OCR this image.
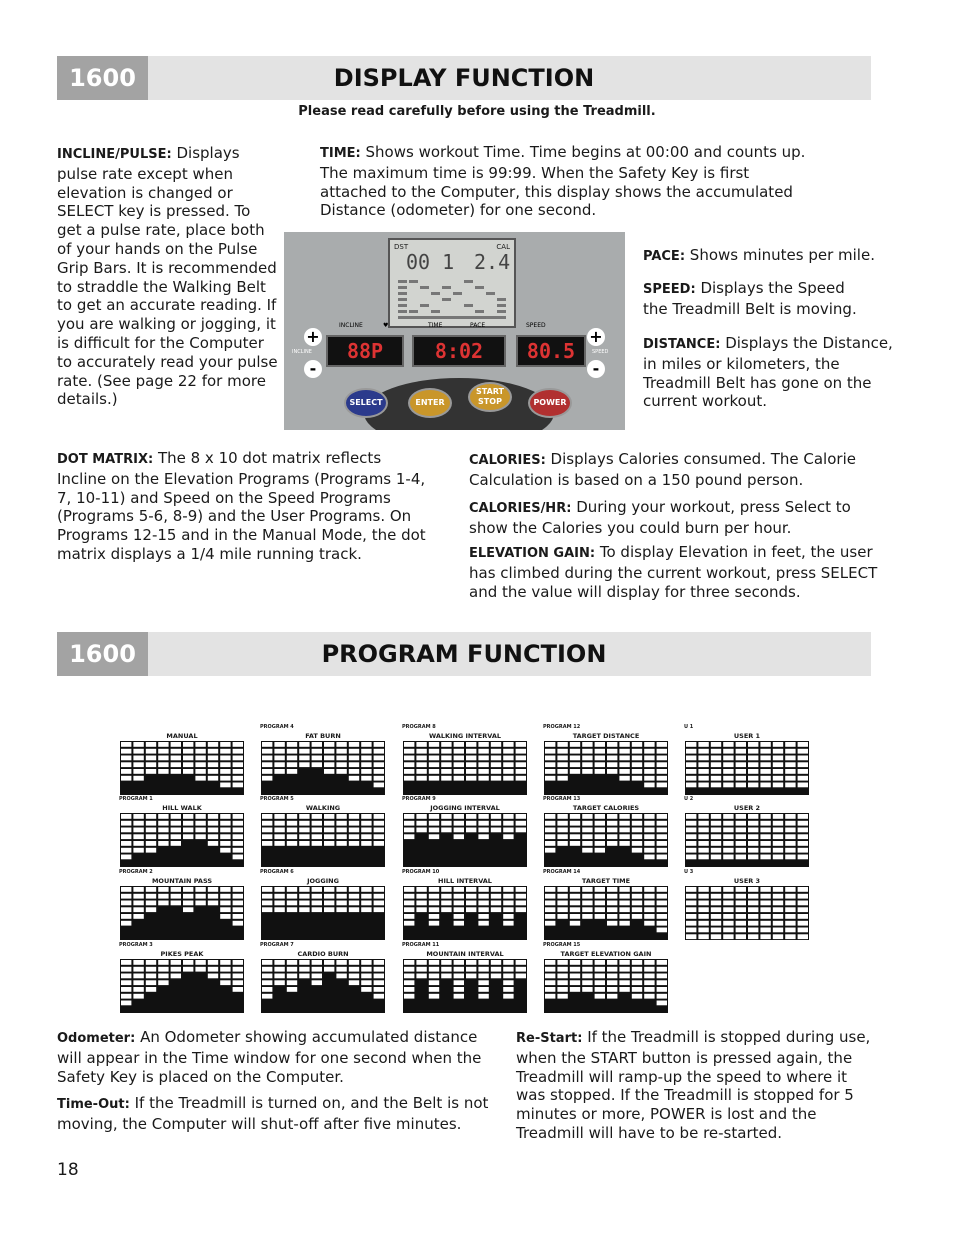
DISPLAY FUNCTION
1600
Please read carefully before using the Treadmill.

INCLINE/PULSE: Displays pulse rate except when elevation is changed or SELECT key is pressed. To get a pulse rate, place both of your hands on the Pulse Grip Bars. It is recommended to straddle the Walking Belt to get an accurate reading. If you are walking or jogging, it is difficult for the Computer to accurately read your pulse rate. (See page 22 for more details.)

TIME: Shows workout Time. Time begins at 00:00 and counts up. The maximum time is 99:99. When the Safety Key is first attached to the Computer, this display shows the accumulated Distance (odometer) for one second.

DST	CAL
00 1 2.4
INCLINE	♥	TIME	PACE	SPEED
+
-
+
-
INCLINE	SPEED
88P	8:02	80.5
SELECT	ENTER
START STOP	POWER

PACE: Shows minutes per mile.

SPEED: Displays the Speed the Treadmill Belt is moving.

DISTANCE: Displays the Distance, in miles or kilometers, the Treadmill Belt has gone on the current workout.

DOT MATRIX: The 8 x 10 dot matrix reflects Incline on the Elevation Programs (Programs 1-4, 7, 10-11) and Speed on the Speed Programs (Programs 5-6, 8-9) and the User Programs. On Programs 12-15 and in the Manual Mode, the dot matrix displays a 1/4 mile running track.

CALORIES: Displays Calories consumed. The Calorie Calculation is based on a 150 pound person.

CALORIES/HR: During your workout, press Select to show the Calories you could burn per hour.

ELEVATION GAIN: To display Elevation in feet, the user has climbed during the current workout, press SELECT and the value will display for three seconds.

PROGRAM FUNCTION
1600
MANUAL
PROGRAM 1
HILL WALK
PROGRAM 2
MOUNTAIN PASS
PROGRAM 3
PIKES PEAK
PROGRAM 4
FAT BURN
PROGRAM 5
WALKING
PROGRAM 6
JOGGING
PROGRAM 7
CARDIO BURN
PROGRAM 8
WALKING INTERVAL
PROGRAM 9
JOGGING INTERVAL
PROGRAM 10
HILL INTERVAL
PROGRAM 11
MOUNTAIN INTERVAL
PROGRAM 12
TARGET DISTANCE
PROGRAM 13
TARGET CALORIES
PROGRAM 14
TARGET TIME
PROGRAM 15
TARGET ELEVATION GAIN
U 1
USER 1
U 2
USER 2
U 3
USER 3

Odometer: An Odometer showing accumulated distance will appear in the Time window for one second when the Safety Key is placed on the Computer.

Time-Out: If the Treadmill is turned on, and the Belt is not moving, the Computer will shut-off after five minutes.

Re-Start: If the Treadmill is stopped during use, when the START button is pressed again, the Treadmill will ramp-up the speed to where it was stopped. If the Treadmill is stopped for 5 minutes or more, POWER is lost and the Treadmill will have to be re-started.

18
